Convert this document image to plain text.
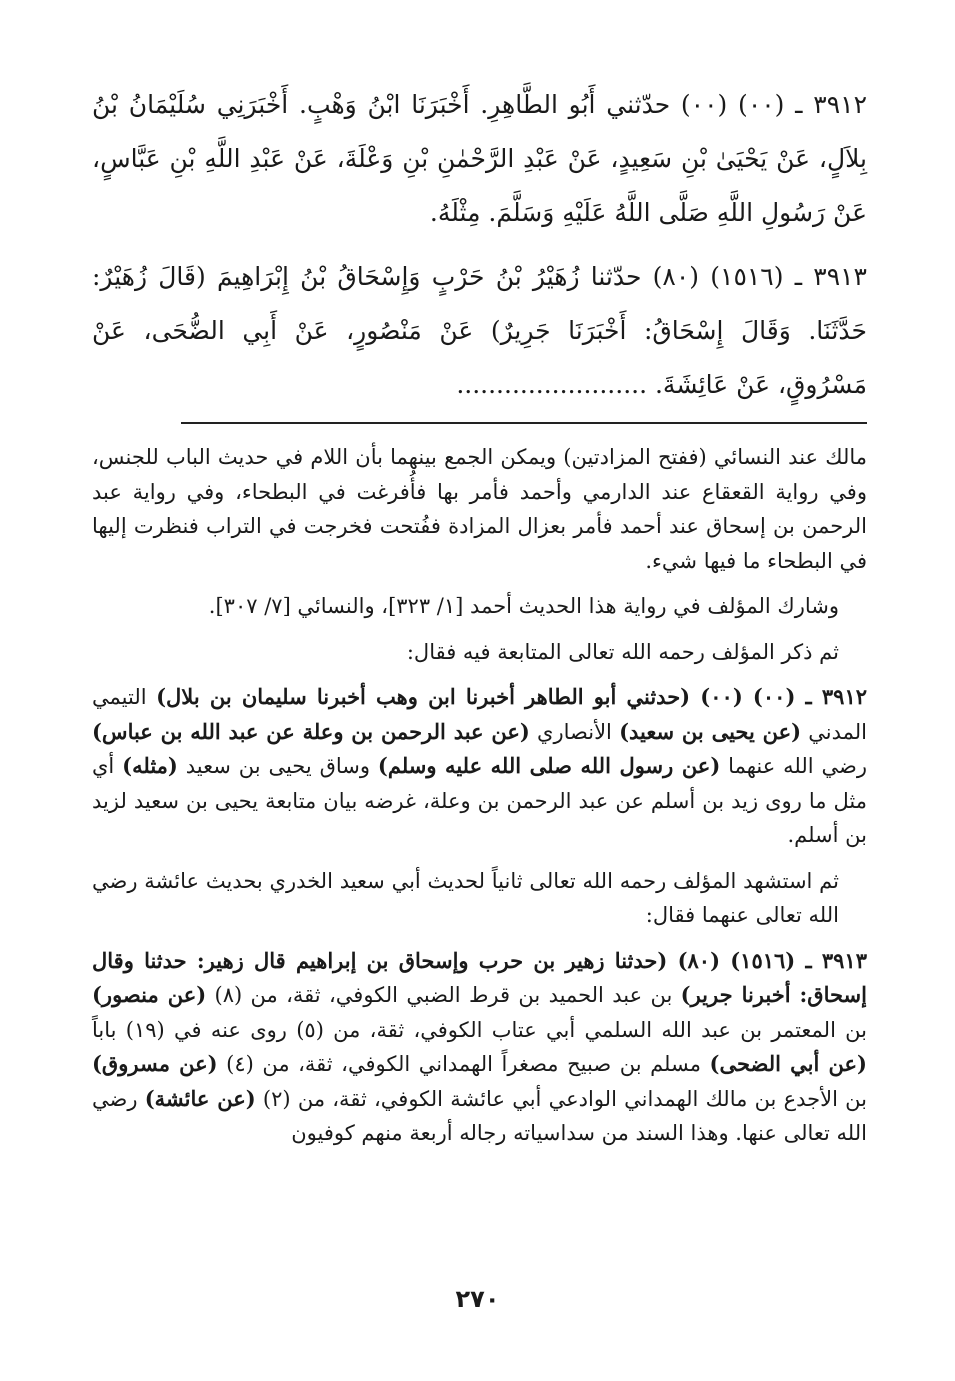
٣٩١٢ ـ (٠٠) (٠٠) حدّثني أَبُو الطَّاهِرِ. أَخْبَرَنَا ابْنُ وَهْبٍ. أَخْبَرَنِي سُلَيْمَانُ بْنُ بِلاَلٍ، عَنْ يَحْيَىٰ بْنِ سَعِيدٍ، عَنْ عَبْدِ الرَّحْمٰنِ بْنِ وَعْلَةَ، عَنْ عَبْدِ اللَّهِ بْنِ عَبَّاسٍ، عَنْ رَسُولِ اللَّهِ صَلَّى اللَّهُ عَلَيْهِ وَسَلَّمَ. مِثْلَهُ.

٣٩١٣ ـ (١٥١٦) (٨٠) حدّثنا زُهَيْرُ بْنُ حَرْبٍ وَإِسْحَاقُ بْنُ إِبْرَاهِيمَ (قَالَ زُهَيْرٌ: حَدَّثَنَا. وَقَالَ إِسْحَاقُ: أَخْبَرَنَا جَرِيرٌ) عَنْ مَنْصُورٍ، عَنْ أَبِي الضُّحَى، عَنْ مَسْرُوقٍ، عَنْ عَائِشَةَ. ........................

مالك عند النسائي (ففتح المزادتين) ويمكن الجمع بينهما بأن اللام في حديث الباب للجنس، وفي رواية القعقاع عند الدارمي وأحمد فأمر بها فأُفرغت في البطحاء، وفي رواية عبد الرحمن بن إسحاق عند أحمد فأمر بعزال المزادة ففُتحت فخرجت في التراب فنظرت إليها في البطحاء ما فيها شيء.

وشارك المؤلف في رواية هذا الحديث أحمد [١/ ٣٢٣]، والنسائي [٧/ ٣٠٧].

ثم ذكر المؤلف رحمه الله تعالى المتابعة فيه فقال:

٣٩١٢ ـ (٠٠) (٠٠) (حدثني أبو الطاهر أخبرنا ابن وهب أخبرنا سليمان بن بلال) التيمي المدني (عن يحيى بن سعيد) الأنصاري (عن عبد الرحمن بن وعلة عن عبد الله بن عباس) رضي الله عنهما (عن رسول الله صلى الله عليه وسلم) وساق يحيى بن سعيد (مثله) أي مثل ما روى زيد بن أسلم عن عبد الرحمن بن وعلة، غرضه بيان متابعة يحيى بن سعيد لزيد بن أسلم.

ثم استشهد المؤلف رحمه الله تعالى ثانياً لحديث أبي سعيد الخدري بحديث عائشة رضي الله تعالى عنهما فقال:

٣٩١٣ ـ (١٥١٦) (٨٠) (حدثنا زهير بن حرب وإسحاق بن إبراهيم قال زهير: حدثنا وقال إسحاق: أخبرنا جرير) بن عبد الحميد بن قرط الضبي الكوفي، ثقة، من (٨) (عن منصور) بن المعتمر بن عبد الله السلمي أبي عتاب الكوفي، ثقة، من (٥) روى عنه في (١٩) باباً (عن أبي الضحى) مسلم بن صبيح مصغراً الهمداني الكوفي، ثقة، من (٤) (عن مسروق) بن الأجدع بن مالك الهمداني الوادعي أبي عائشة الكوفي، ثقة، من (٢) (عن عائشة) رضي الله تعالى عنها. وهذا السند من سداسياته رجاله أربعة منهم كوفيون

٢٧٠
